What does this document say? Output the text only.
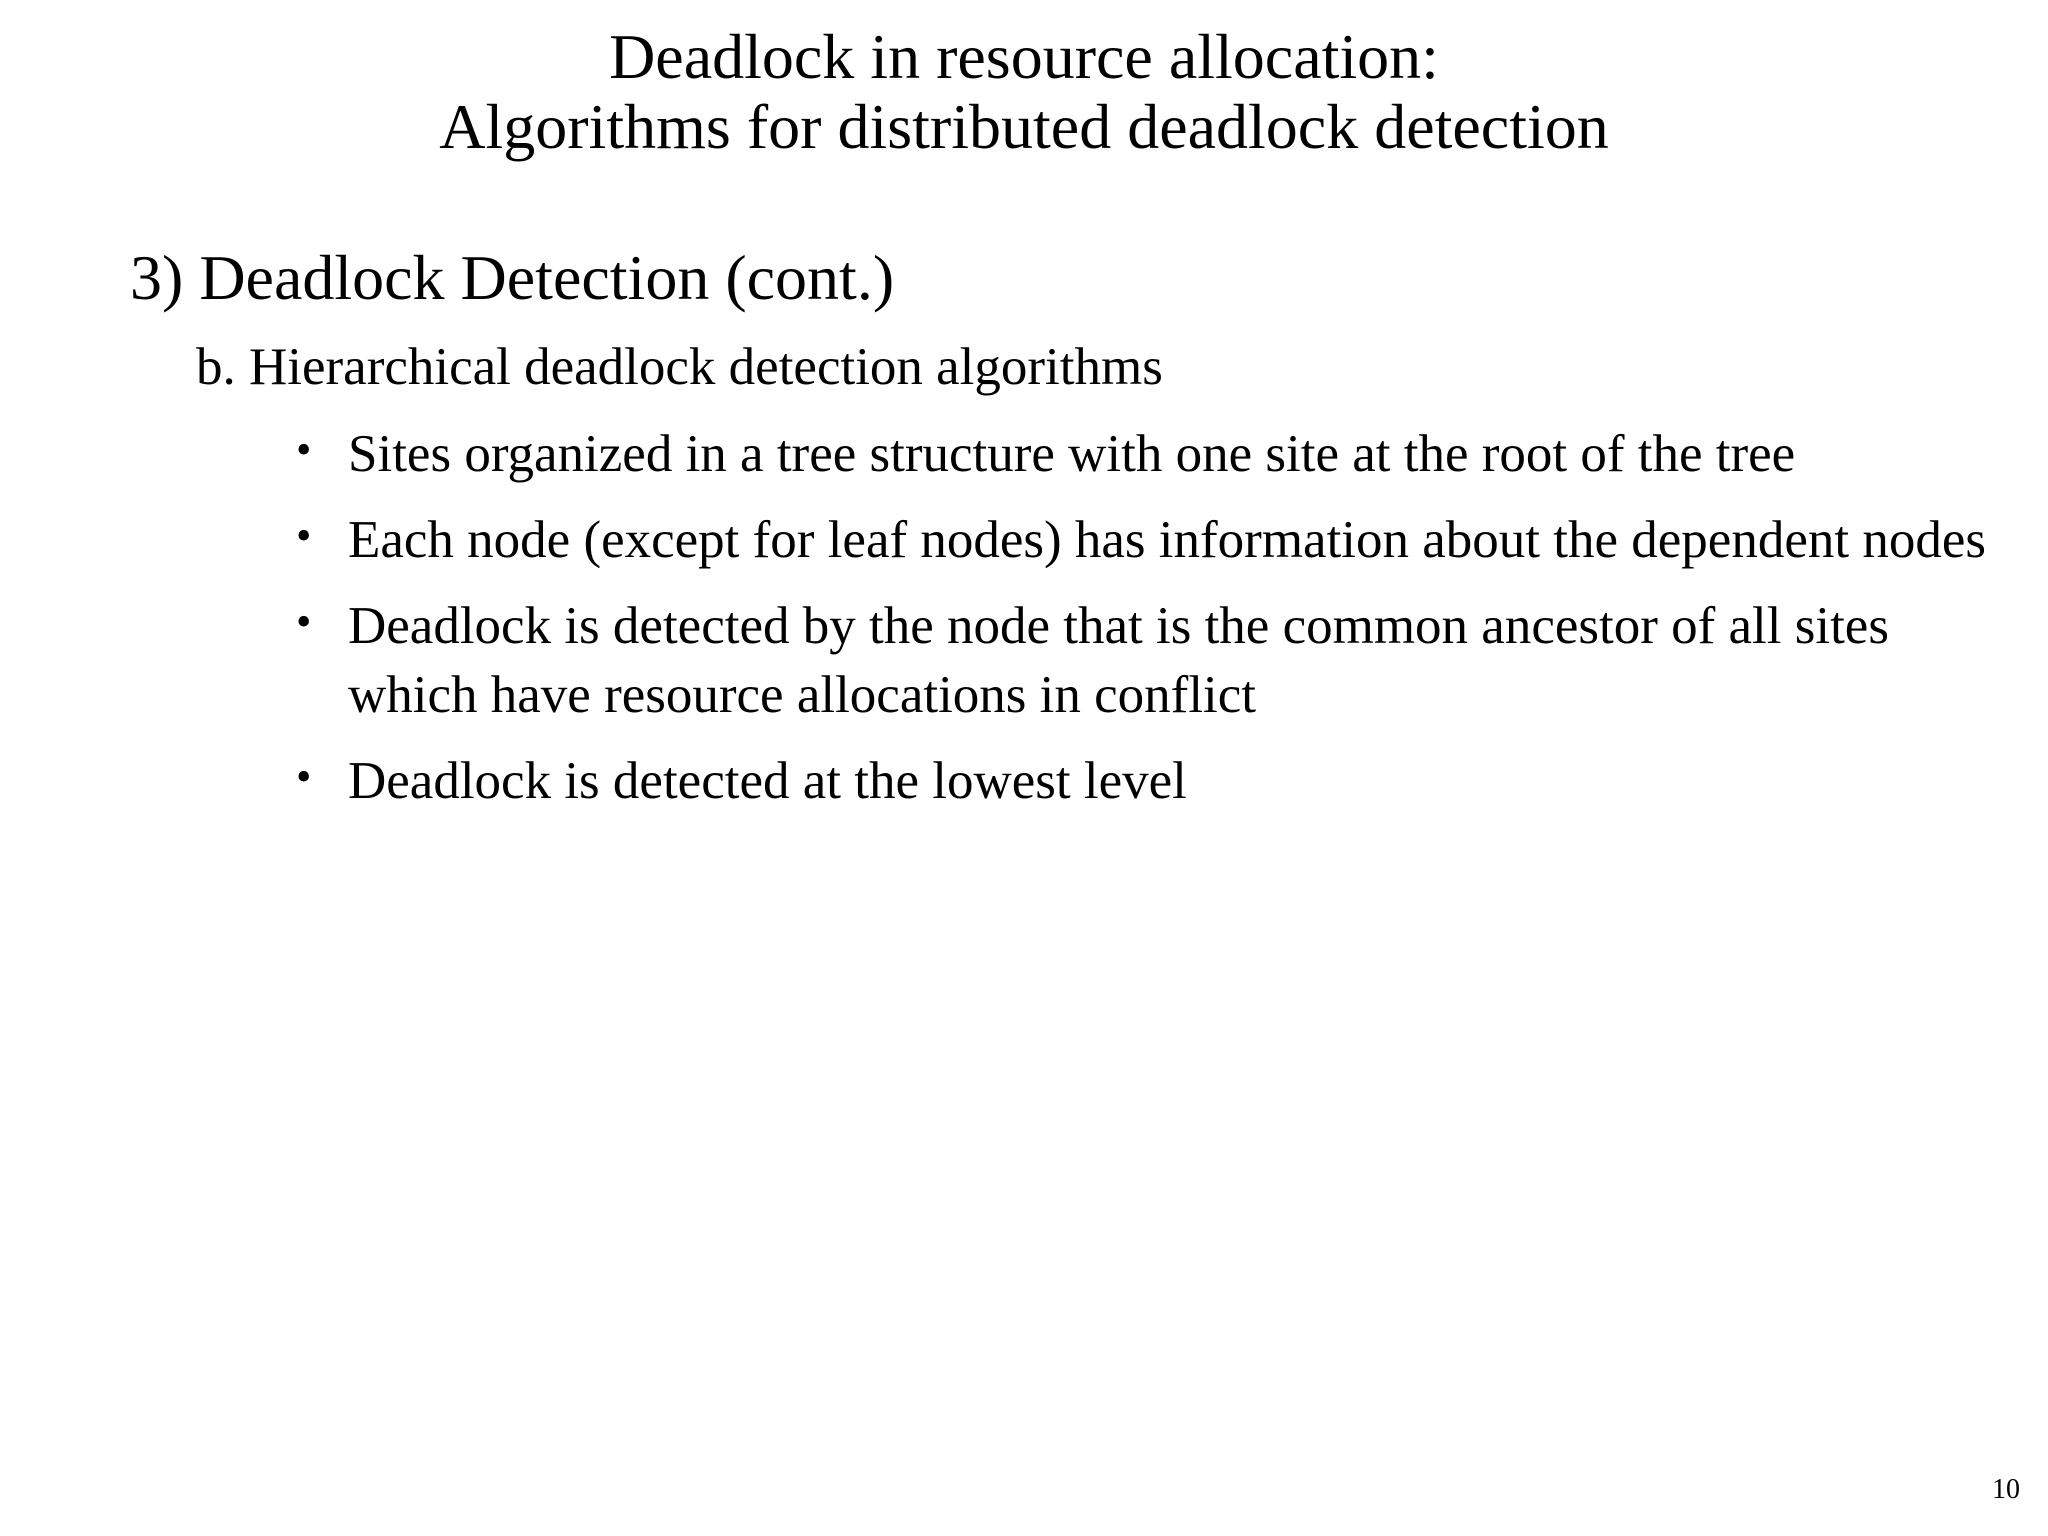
Deadlock in resource allocation:
Algorithms for distributed deadlock detection
3) Deadlock Detection (cont.)
b. Hierarchical deadlock detection algorithms
• Sites organized in a tree structure with one site at the root of the tree
• Each node (except for leaf nodes) has information about the dependent nodes
• Deadlock is detected by the node that is the common ancestor of all sites which have resource allocations in conflict
• Deadlock is detected at the lowest level
10
